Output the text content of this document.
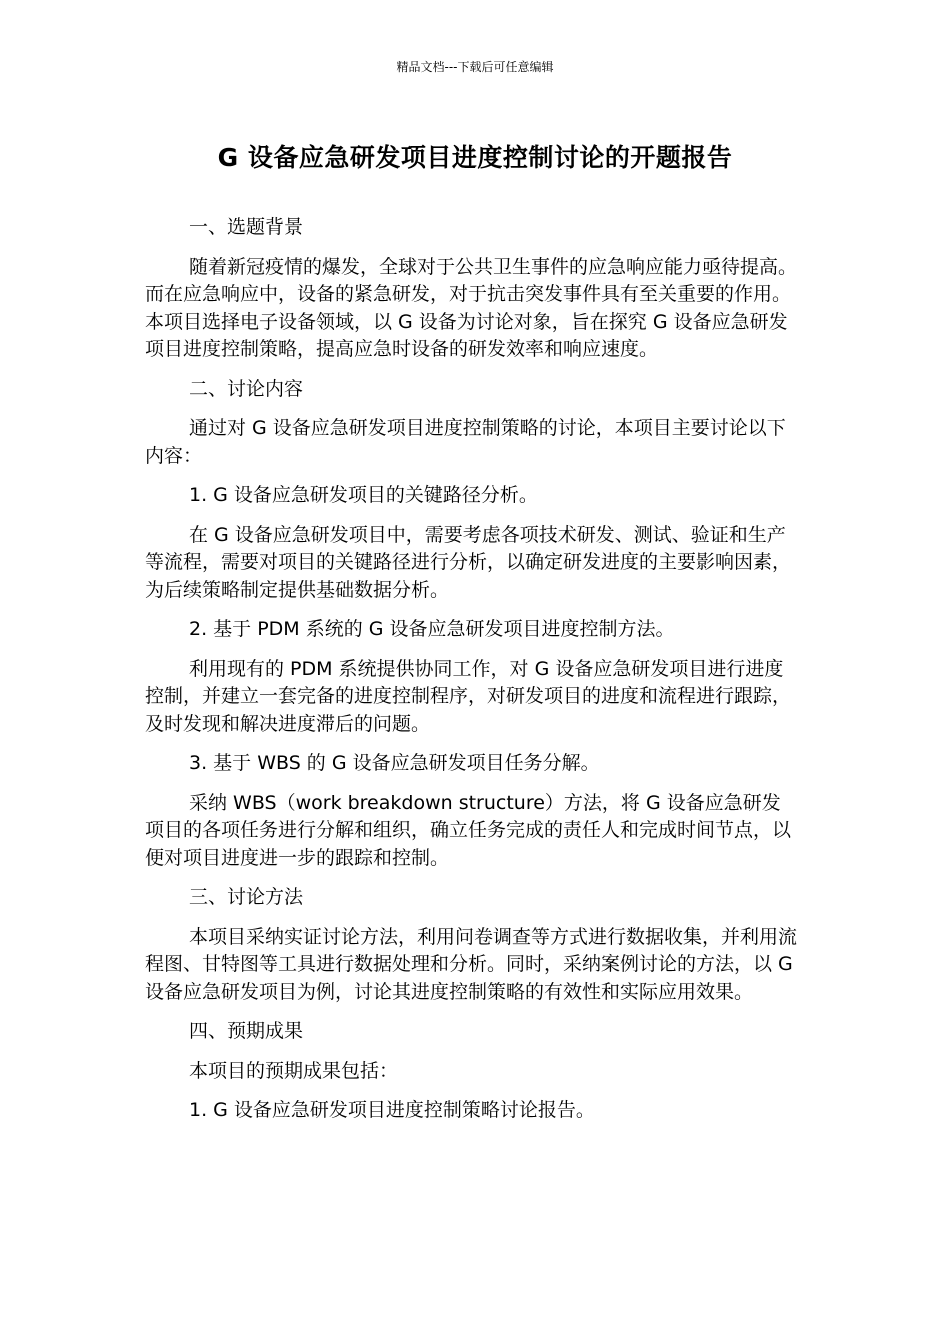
精品文档---下载后可任意编辑
G 设备应急研发项目进度控制讨论的开题报告

一、选题背景

随着新冠疫情的爆发，全球对于公共卫生事件的应急响应能力亟待提高。而在应急响应中，设备的紧急研发，对于抗击突发事件具有至关重要的作用。本项目选择电子设备领域，以 G 设备为讨论对象，旨在探究 G 设备应急研发项目进度控制策略，提高应急时设备的研发效率和响应速度。

二、讨论内容

通过对 G 设备应急研发项目进度控制策略的讨论，本项目主要讨论以下内容：

1. G 设备应急研发项目的关键路径分析。

在 G 设备应急研发项目中，需要考虑各项技术研发、测试、验证和生产等流程，需要对项目的关键路径进行分析，以确定研发进度的主要影响因素，为后续策略制定提供基础数据分析。

2. 基于 PDM 系统的 G 设备应急研发项目进度控制方法。

利用现有的 PDM 系统提供协同工作，对 G 设备应急研发项目进行进度控制，并建立一套完备的进度控制程序，对研发项目的进度和流程进行跟踪，及时发现和解决进度滞后的问题。

3. 基于 WBS 的 G 设备应急研发项目任务分解。

采纳 WBS（work breakdown structure）方法，将 G 设备应急研发项目的各项任务进行分解和组织，确立任务完成的责任人和完成时间节点，以便对项目进度进一步的跟踪和控制。

三、讨论方法

本项目采纳实证讨论方法，利用问卷调查等方式进行数据收集，并利用流程图、甘特图等工具进行数据处理和分析。同时，采纳案例讨论的方法，以 G 设备应急研发项目为例，讨论其进度控制策略的有效性和实际应用效果。

四、预期成果

本项目的预期成果包括：

1. G 设备应急研发项目进度控制策略讨论报告。
